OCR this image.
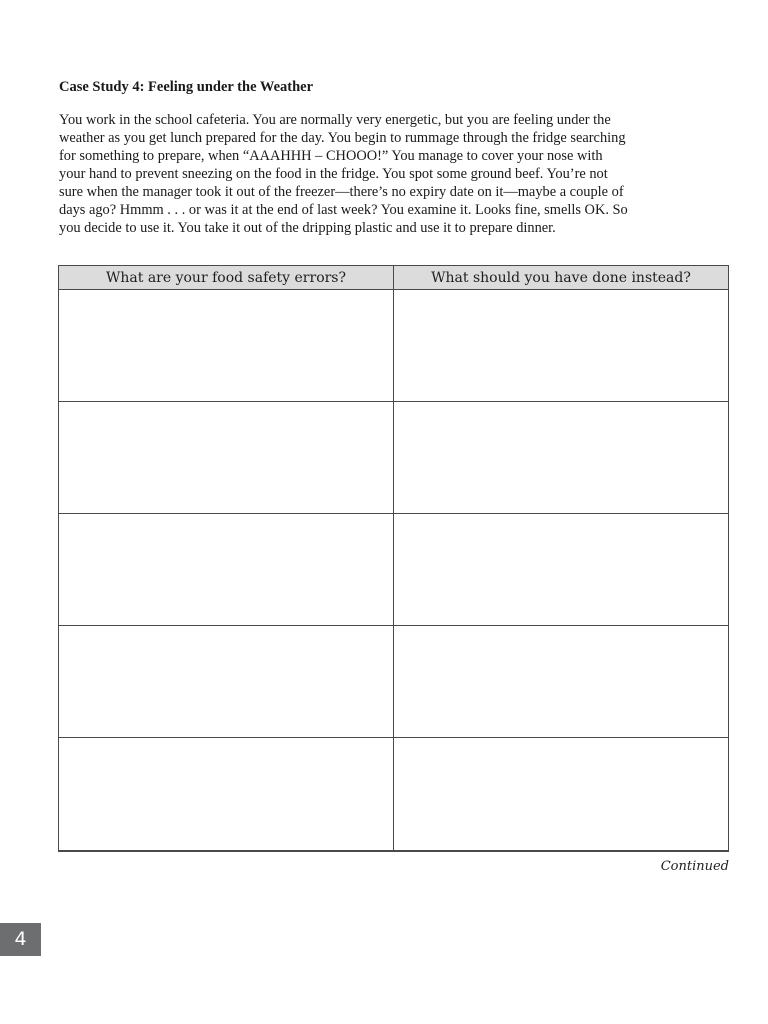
Case Study 4: Feeling under the Weather

You work in the school cafeteria. You are normally very energetic, but you are feeling under the
weather as you get lunch prepared for the day. You begin to rummage through the fridge searching
for something to prepare, when “AAAHHH – CHOOO!” You manage to cover your nose with
your hand to prevent sneezing on the food in the fridge. You spot some ground beef. You’re not
sure when the manager took it out of the freezer—there’s no expiry date on it—maybe a couple of
days ago? Hmmm . . . or was it at the end of last week? You examine it. Looks fine, smells OK. So
you decide to use it. You take it out of the dripping plastic and use it to prepare dinner.

What are your food safety errors?	What should you have done instead?

Continued
4
